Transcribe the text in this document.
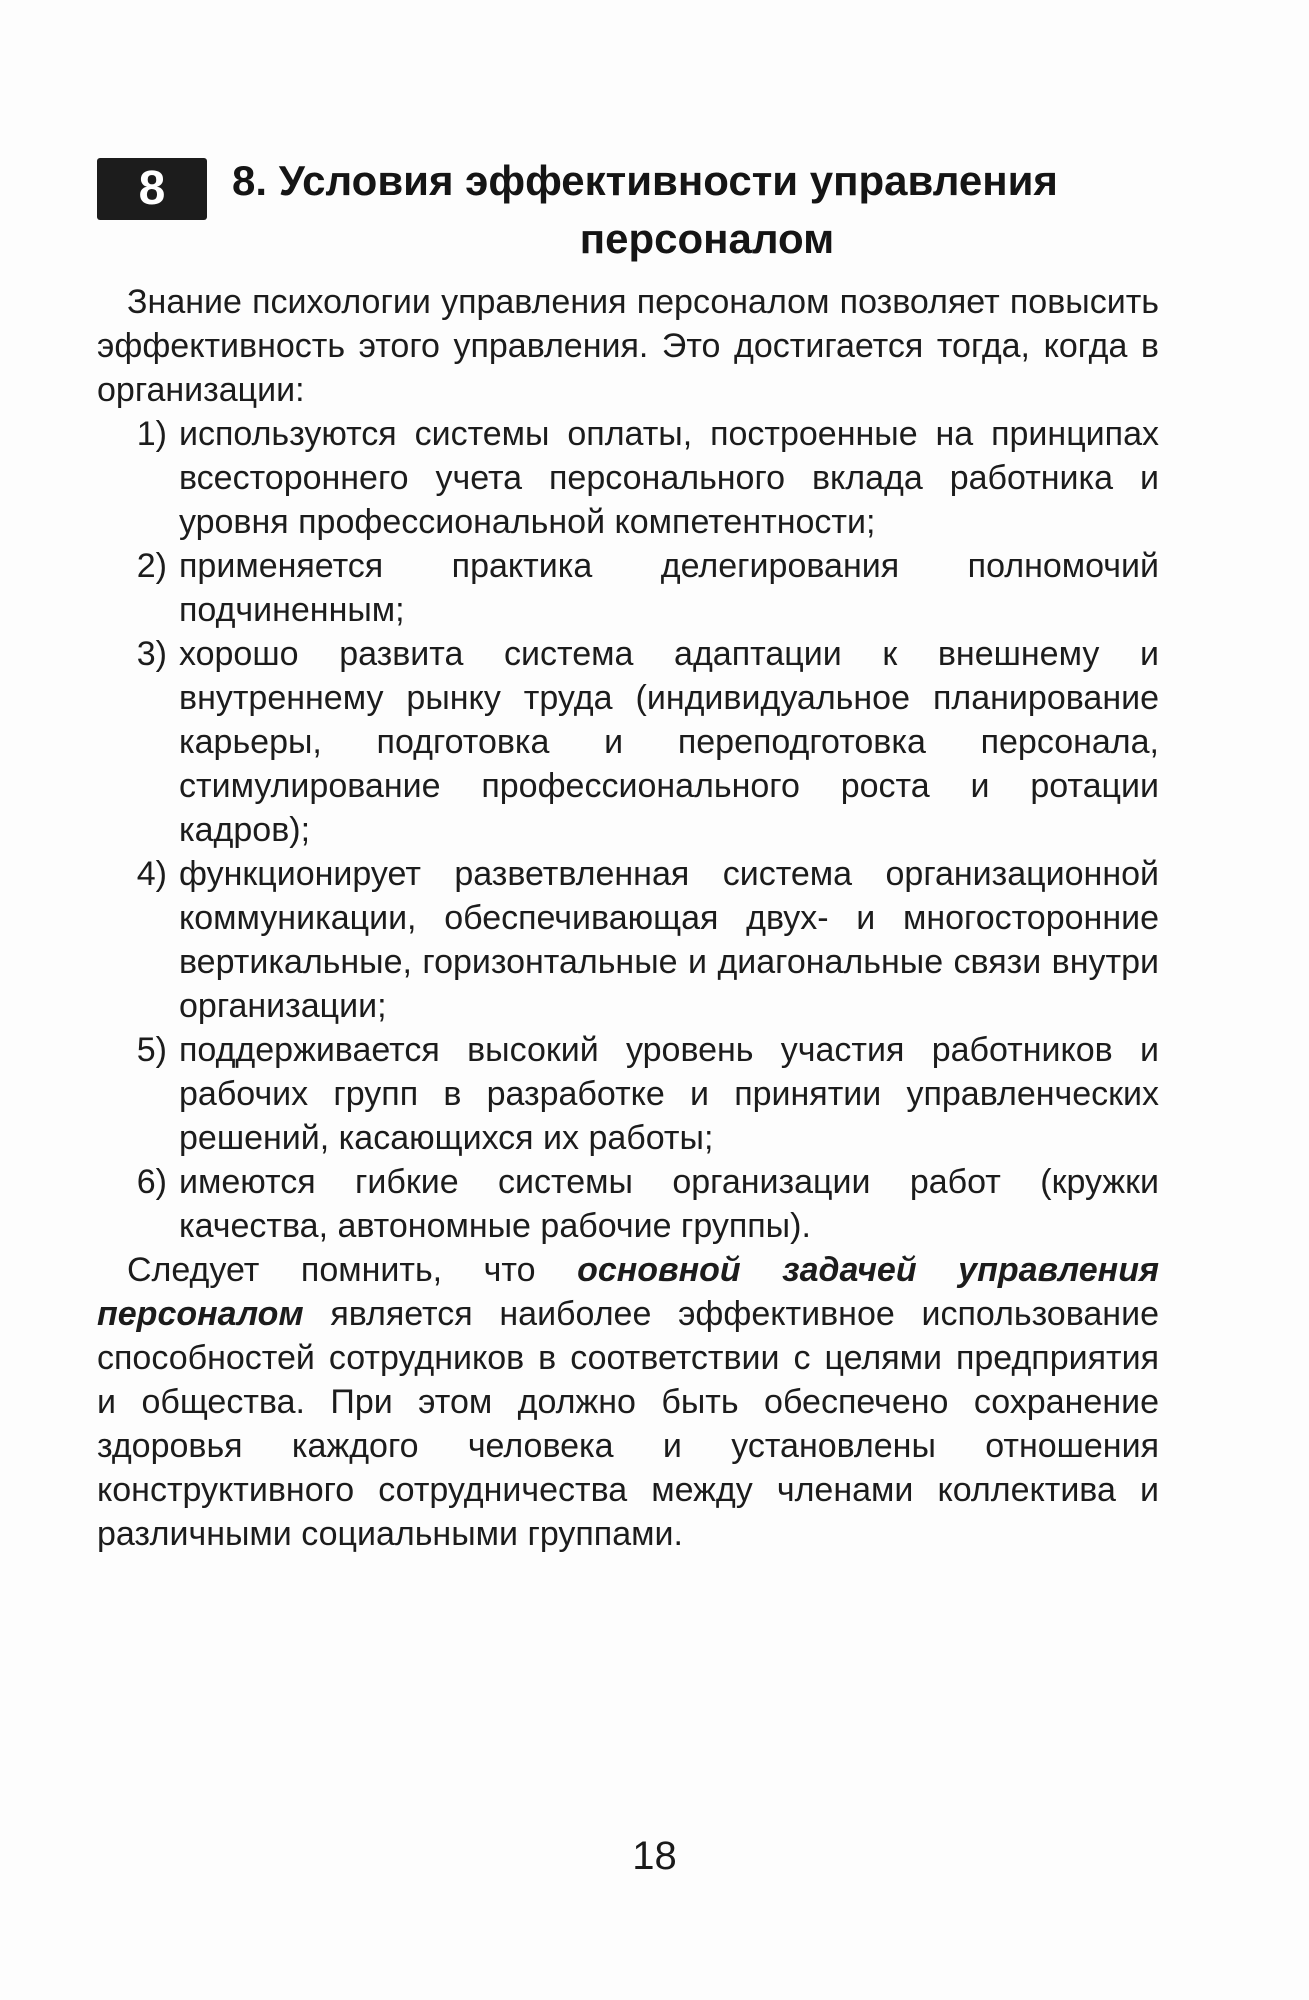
8 8. Условия эффективности управления
персоналом

Знание психологии управления персоналом позволяет повысить эффективность этого управления. Это достигается тогда, когда в организации:

1) используются системы оплаты, построенные на принципах всестороннего учета персонального вклада работника и уровня профессиональной компетентности;
2) применяется практика делегирования полномочий подчиненным;
3) хорошо развита система адаптации к внешнему и внутреннему рынку труда (индивидуальное планирование карьеры, подготовка и переподготовка персонала, стимулирование профессионального роста и ротации кадров);
4) функционирует разветвленная система организационной коммуникации, обеспечивающая двух- и многосторонние вертикальные, горизонтальные и диагональные связи внутри организации;
5) поддерживается высокий уровень участия работников и рабочих групп в разработке и принятии управленческих решений, касающихся их работы;
6) имеются гибкие системы организации работ (кружки качества, автономные рабочие группы).

Следует помнить, что основной задачей управления персоналом является наиболее эффективное использование способностей сотрудников в соответствии с целями предприятия и общества. При этом должно быть обеспечено сохранение здоровья каждого человека и установлены отношения конструктивного сотрудничества между членами коллектива и различными социальными группами.

18
